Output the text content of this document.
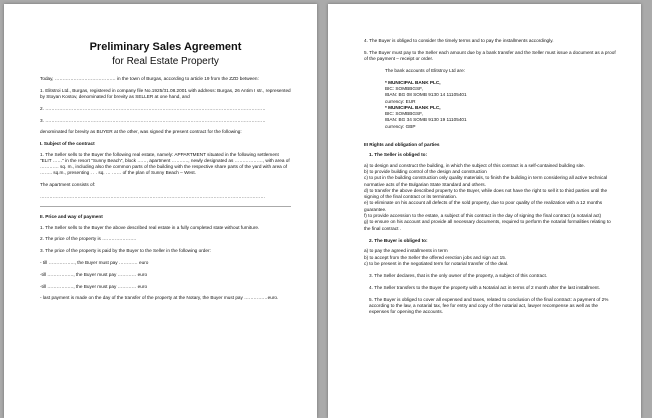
Preliminary Sales Agreement
for Real Estate Property

Today, ………………………………… in the town of Burgas, according to article 19 from the ZZD between:

1. Elitstroi Ltd., Burgas, registered in company file No.1925/31.08.2001 with address: Burgas, 26 Antim I str., represented by Stoyan Kostov, denominated for brevity as SELLER at one hand, and

2. ……………………………………………………………………………………………………………………………

3. ……………………………………………………………………………………………………………………………

denominated for brevity as BUYER at the other, was signed the present contract for the following:

I. Subject of the contract

1. The Seller sells to the Buyer the following real estate, namely: APPARTMENT situated in the following settlement "ELIT ……" in the resort "Sunny Beach", block ……, apartment ……….., newly designated as ………………, with area of ………… sq. m., including also the common parts of the building with the respective share parts of the yard with area of …….. sq.m., presenting . . . sq. … …… of the plan of Sunny Beach – West.

The apartment consists of:

………………………………………………………………………………………………………………………………

II. Price and way of payment

1. The Seller sells to the Buyer the above described real estate in a fully completed state without furniture.

2. The price of the property is ………………….

3. The price of the property is paid by the Buyer to the Seller in the following order:

- till …………….., the Buyer must pay ………… euro

-till …………….., the Buyer must pay ………… euro

-till …………….., the Buyer must pay ………… euro

- last payment is made on the day of the transfer of the property at the Notary, the Buyer must pay ……………euro.

4. The Buyer is obliged to consider the timely terms and to pay the installments accordingly.

5. The Buyer must pay to the Seller each amount due by a bank transfer and the Seller must issue a document as a proof of the payment – receipt or order.

The bank accounts of Elitstroy Ltd are:

* MUNICIPAL BANK PLC,
BIC: SOMBBGSF,
IBAN: BG 08 SOMB 9130 14 11105401
currency: EUR
* MUNICIPAL BANK PLC,
BIC: SOMBBGSF,
IBAN: BG 34 SOMB 9130 19 11105401
currency: GBP
III Rights and obligation of parties
1. The Seller is obliged to:

a) to design and construct the building, in which the subject of this contract is a self-contained building site.

b) to provide building control of the design and construction

c) to put in the building construction only quality materials, to finish the building in term considering all active technical normative acts of the Bulgarian State Standard and others.

d) to transfer the above described property to the Buyer, while does not have the right to sell it to third parties until the signing of the final contract or its termination.

e) to eliminate on his account all defects of the sold property, due to poor quality of the realization with a 12 months guarantee.

f) to provide accession to the estate, a subject of this contract in the day of signing the final contract (a notarial act)

g) to ensure on his account and provide all necessary documents, required to perform the notarial formalities relating to the final contract .

2. The Buyer is obliged to:

a) to pay the agreed installments in term

b) to accept from the Seller the offered erection jobs and sign act 15.

c) to be present in the negotiated term for notarial transfer of the deal.

3. The Seller declares, that is the only owner of the property, a subject of this contract.

4. The Seller transfers to the Buyer the property with a Notarial act in terms of 2 month after the last installment.

5. The Buyer is obliged to cover all expensed and taxes, related to conclusion of the final contract: a payment of 2% according to the law, a notarial tax, fee for entry and copy of the notarial act, lawyer recompense as well as the expenses for opening the accounts.
